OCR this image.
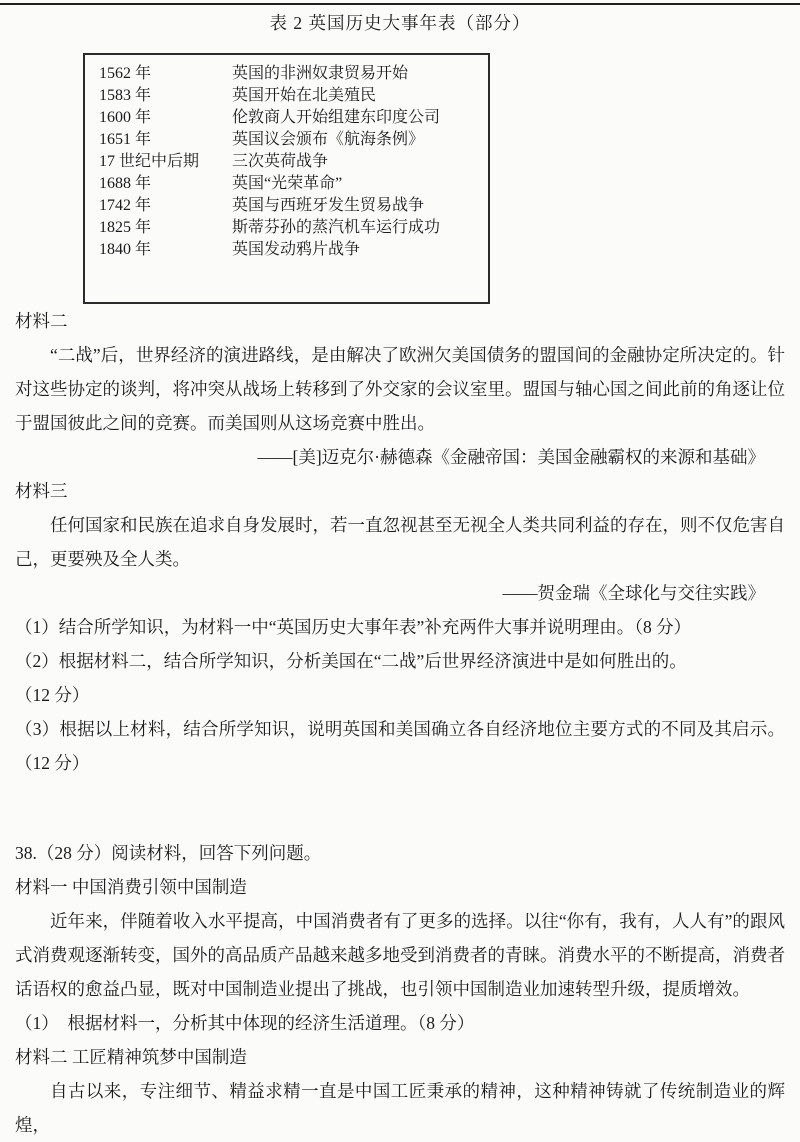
表 2 英国历史大事年表（部分）
1562 年	英国的非洲奴隶贸易开始
1583 年	英国开始在北美殖民
1600 年	伦敦商人开始组建东印度公司
1651 年	英国议会颁布《航海条例》
17 世纪中后期 三次英荷战争
1688 年	英国“光荣革命”
1742 年	英国与西班牙发生贸易战争
1825 年	斯蒂芬孙的蒸汽机车运行成功
1840 年	英国发动鸦片战争
材料二

“二战”后，世界经济的演进路线，是由解决了欧洲欠美国债务的盟国间的金融协定所决定的。针对这些协定的谈判，将冲突从战场上转移到了外交家的会议室里。盟国与轴心国之间此前的角逐让位于盟国彼此之间的竞赛。而美国则从这场竞赛中胜出。

——[美]迈克尔·赫德森《金融帝国：美国金融霸权的来源和基础》
材料三

任何国家和民族在追求自身发展时，若一直忽视甚至无视全人类共同利益的存在，则不仅危害自己，更要殃及全人类。

——贺金瑞《全球化与交往实践》

（1）结合所学知识，为材料一中“英国历史大事年表”补充两件大事并说明理由。（8 分）

（2）根据材料二，结合所学知识，分析美国在“二战”后世界经济演进中是如何胜出的。

（12 分）

（3）根据以上材料，结合所学知识，说明英国和美国确立各自经济地位主要方式的不同及其启示。（12 分）

38.（28 分）阅读材料，回答下列问题。

材料一 中国消费引领中国制造

近年来，伴随着收入水平提高，中国消费者有了更多的选择。以往“你有，我有，人人有”的跟风式消费观逐渐转变，国外的高品质产品越来越多地受到消费者的青睐。消费水平的不断提高，消费者话语权的愈益凸显，既对中国制造业提出了挑战，也引领中国制造业加速转型升级，提质增效。

（1）　根据材料一，分析其中体现的经济生活道理。（8 分）

材料二 工匠精神筑梦中国制造

自古以来，专注细节、精益求精一直是中国工匠秉承的精神，这种精神铸就了传统制造业的辉煌，
